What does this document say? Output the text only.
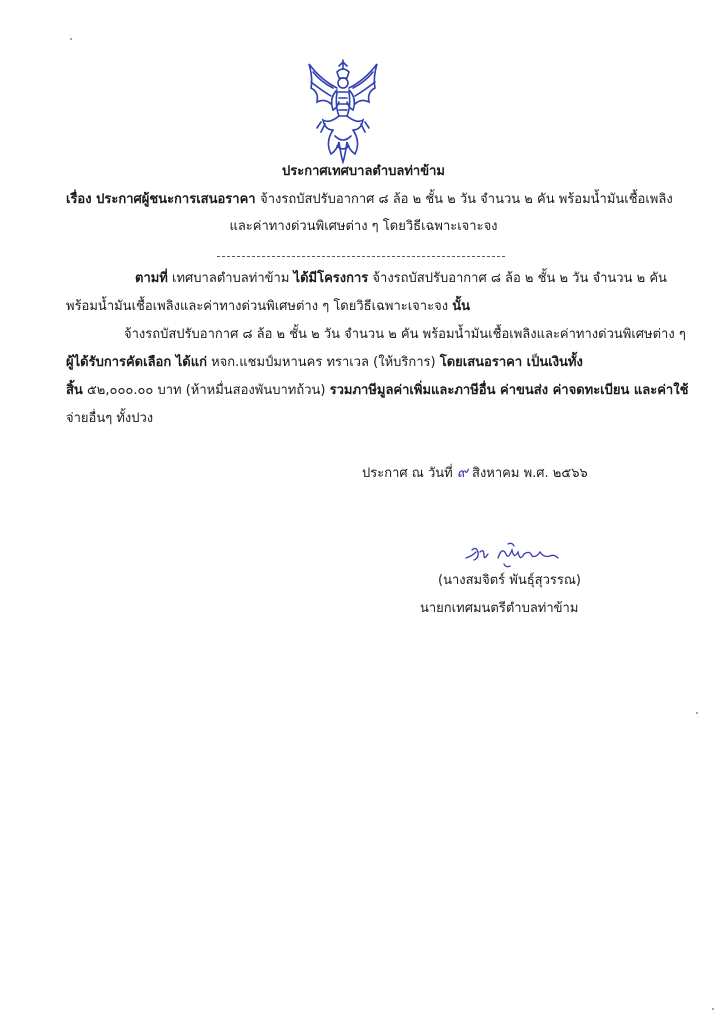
ประกาศเทศบาลตำบลท่าข้าม
เรื่อง ประกาศผู้ชนะการเสนอราคา จ้างรถบัสปรับอากาศ ๘ ล้อ ๒ ชั้น ๒ วัน จำนวน ๒ คัน พร้อมน้ำมันเชื้อเพลิง
และค่าทางด่วนพิเศษต่าง ๆ โดยวิธีเฉพาะเจาะจง
ตามที่ เทศบาลตำบลท่าข้าม ได้มีโครงการ จ้างรถบัสปรับอากาศ ๘ ล้อ ๒ ชั้น ๒ วัน จำนวน ๒ คัน
พร้อมน้ำมันเชื้อเพลิงและค่าทางด่วนพิเศษต่าง ๆ โดยวิธีเฉพาะเจาะจง นั้น
จ้างรถบัสปรับอากาศ ๘ ล้อ ๒ ชั้น ๒ วัน จำนวน ๒ คัน พร้อมน้ำมันเชื้อเพลิงและค่าทางด่วนพิเศษต่าง ๆ
ผู้ได้รับการคัดเลือก ได้แก่ หจก.แชมป์มหานคร ทราเวล (ให้บริการ) โดยเสนอราคา เป็นเงินทั้ง
สิ้น ๕๒,๐๐๐.๐๐ บาท (ห้าหมื่นสองพันบาทถ้วน) รวมภาษีมูลค่าเพิ่มและภาษีอื่น ค่าขนส่ง ค่าจดทะเบียน และค่าใช้
จ่ายอื่นๆ ทั้งปวง
ประกาศ ณ วันที่ ๙ สิงหาคม พ.ศ. ๒๕๖๖
(นางสมจิตร์ พันธุ์สุวรรณ)
นายกเทศมนตรีตำบลท่าข้าม
